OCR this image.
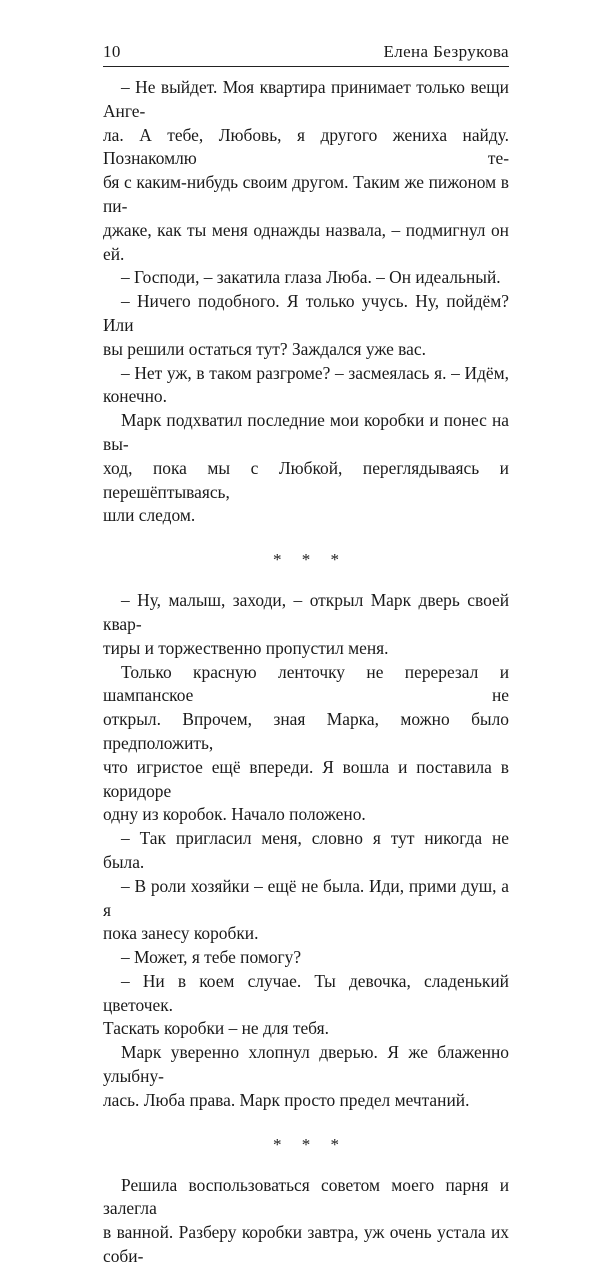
10	Елена Безрукова
– Не выйдет. Моя квартира принимает только вещи Анге-
ла. А тебе, Любовь, я другого жениха найду. Познакомлю те-
бя с каким-нибудь своим другом. Таким же пижоном в пи-
джаке, как ты меня однажды назвала, – подмигнул он ей.
– Господи, – закатила глаза Люба. – Он идеальный.
– Ничего подобного. Я только учусь. Ну, пойдём? Или
вы решили остаться тут? Заждался уже вас.
– Нет уж, в таком разгроме? – засмеялась я. – Идём,
конечно.
Марк подхватил последние мои коробки и понес на вы-
ход, пока мы с Любкой, переглядываясь и перешёптываясь,
шли следом.
* * *
– Ну, малыш, заходи, – открыл Марк дверь своей квар-
тиры и торжественно пропустил меня.
Только красную ленточку не перерезал и шампанское не
открыл. Впрочем, зная Марка, можно было предположить,
что игристое ещё впереди. Я вошла и поставила в коридоре
одну из коробок. Начало положено.
– Так пригласил меня, словно я тут никогда не была.
– В роли хозяйки – ещё не была. Иди, прими душ, а я
пока занесу коробки.
– Может, я тебе помогу?
– Ни в коем случае. Ты девочка, сладенький цветочек.
Таскать коробки – не для тебя.
Марк уверенно хлопнул дверью. Я же блаженно улыбну-
лась. Люба права. Марк просто предел мечтаний.
* * *
Решила воспользоваться советом моего парня и залегла
в ванной. Разберу коробки завтра, уж очень устала их соби-
